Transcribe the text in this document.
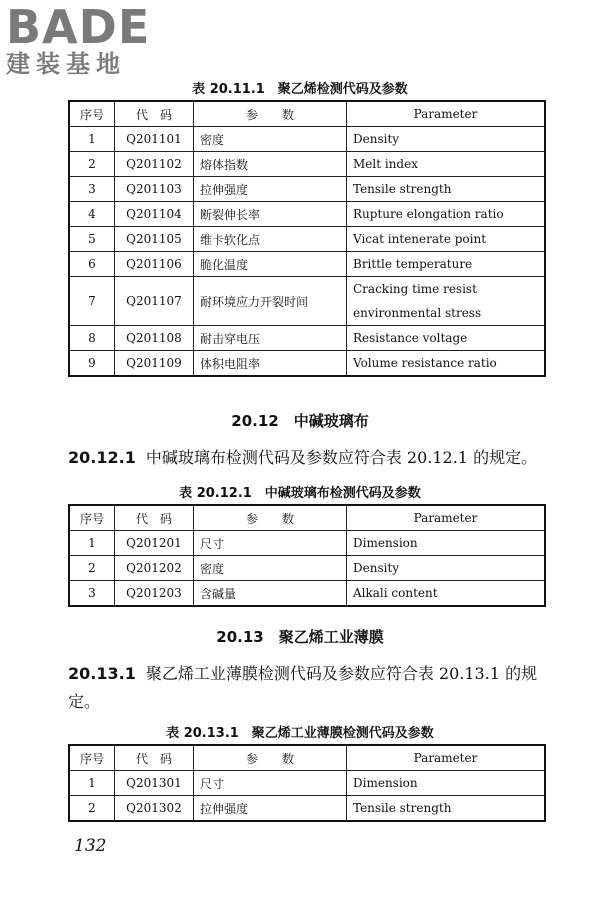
BADE
建装基地
表 20.11.1　聚乙烯检测代码及参数
序号	代　码	参　　数	Parameter
1	Q201101	密度	Density
2	Q201102	熔体指数	Melt index
3	Q201103	拉伸强度	Tensile strength
4	Q201104	断裂伸长率	Rupture elongation ratio
5	Q201105	维卡软化点	Vicat intenerate point
6	Q201106	脆化温度	Brittle temperature
7	Q201107	耐环境应力开裂时间	Cracking time resist environmental stress
8	Q201108	耐击穿电压	Resistance voltage
9	Q201109	体积电阻率	Volume resistance ratio
20.12　中碱玻璃布
20.12.1 中碱玻璃布检测代码及参数应符合表 20.12.1 的规定。
表 20.12.1　中碱玻璃布检测代码及参数
序号	代　码	参　　数	Parameter
1	Q201201	尺寸	Dimension
2	Q201202	密度	Density
3	Q201203	含碱量	Alkali content
20.13　聚乙烯工业薄膜
20.13.1 聚乙烯工业薄膜检测代码及参数应符合表 20.13.1 的规定。
表 20.13.1　聚乙烯工业薄膜检测代码及参数
序号	代　码	参　　数	Parameter
1	Q201301	尺寸	Dimension
2	Q201302	拉伸强度	Tensile strength
132
